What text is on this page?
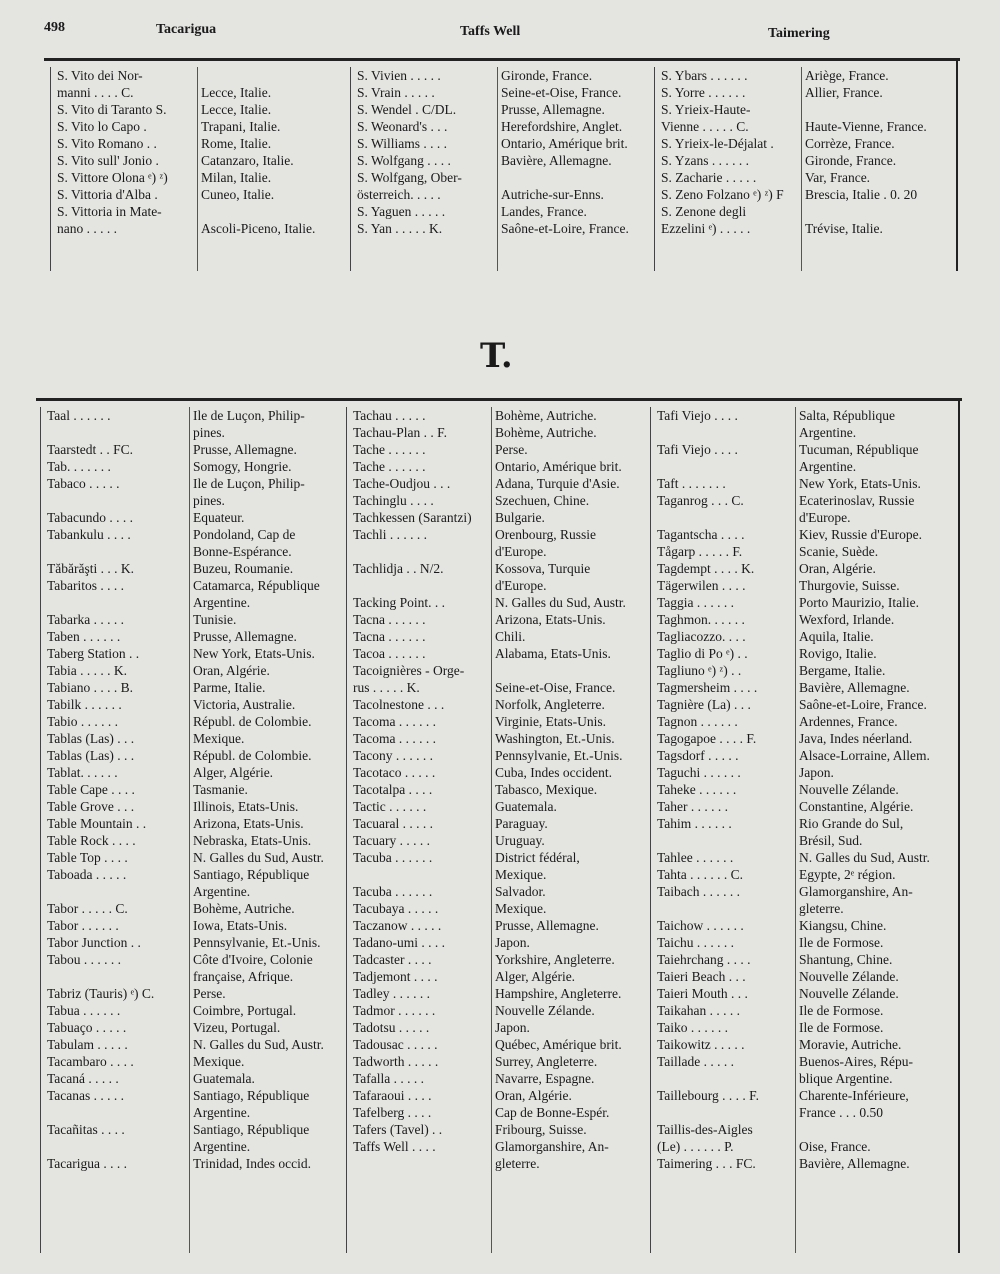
498	Tacarigua	Taffs Well	Taimering
S. Vito dei Nor-
manni . . . . C.	Lecce, Italie.
S. Vito di Taranto S.	Lecce, Italie.
S. Vito lo Capo .	Trapani, Italie.
S. Vito Romano . .	Rome, Italie.
S. Vito sull' Jonio .	Catanzaro, Italie.
S. Vittore Olona ᵉ) ᶻ)	Milan, Italie.
S. Vittoria d'Alba .	Cuneo, Italie.
S. Vittoria in Mate-
nano . . . . .	Ascoli-Piceno, Italie.
S. Vivien . . . . .	Gironde, France.
S. Vrain . . . . .	Seine-et-Oise, France.
S. Wendel . C/DL.	Prusse, Allemagne.
S. Weonard's . . .	Herefordshire, Anglet.
S. Williams . . . .	Ontario, Amérique brit.
S. Wolfgang . . . .	Bavière, Allemagne.
S. Wolfgang, Ober-
österreich. . . . .	Autriche-sur-Enns.
S. Yaguen . . . . .	Landes, France.
S. Yan . . . . . K.	Saône-et-Loire, France.
S. Ybars . . . . . .	Ariège, France.
S. Yorre . . . . . .	Allier, France.
S. Yrieix-Haute-
Vienne . . . . . C.	Haute-Vienne, France.
S. Yrieix-le-Déjalat .	Corrèze, France.
S. Yzans . . . . . .	Gironde, France.
S. Zacharie . . . . .	Var, France.
S. Zeno Folzano ᵉ) ᶻ) F	Brescia, Italie . 0. 20
S. Zenone degli
Ezzelini ᵉ) . . . . .	Trévise, Italie.
T.
Taal . . . . . .	Ile de Luçon, Philip-
pines.
Taarstedt . . FC.	Prusse, Allemagne.
Tab. . . . . . .	Somogy, Hongrie.
Tabaco . . . . .	Ile de Luçon, Philip-
pines.
Tabacundo . . . .	Equateur.
Tabankulu . . . .	Pondoland, Cap de
Bonne-Espérance.
Tăbărăşti . . . K.	Buzeu, Roumanie.
Tabaritos . . . .	Catamarca, République
Argentine.
Tabarka . . . . .	Tunisie.
Taben . . . . . .	Prusse, Allemagne.
Taberg Station . .	New York, Etats-Unis.
Tabia . . . . . K.	Oran, Algérie.
Tabiano . . . . B.	Parme, Italie.
Tabilk . . . . . .	Victoria, Australie.
Tabio . . . . . .	Républ. de Colombie.
Tablas (Las) . . .	Mexique.
Tablas (Las) . . .	Républ. de Colombie.
Tablat. . . . . .	Alger, Algérie.
Table Cape . . . .	Tasmanie.
Table Grove . . .	Illinois, Etats-Unis.
Table Mountain . .	Arizona, Etats-Unis.
Table Rock . . . .	Nebraska, Etats-Unis.
Table Top . . . .	N. Galles du Sud, Austr.
Taboada . . . . .	Santiago, République
Argentine.
Tabor . . . . . C.	Bohème, Autriche.
Tabor . . . . . .	Iowa, Etats-Unis.
Tabor Junction . .	Pennsylvanie, Et.-Unis.
Tabou . . . . . .	Côte d'Ivoire, Colonie
française, Afrique.
Tabriz (Tauris) ᵉ) C.	Perse.
Tabua . . . . . .	Coimbre, Portugal.
Tabuaço . . . . .	Vizeu, Portugal.
Tabulam . . . . .	N. Galles du Sud, Austr.
Tacambaro . . . .	Mexique.
Tacaná . . . . .	Guatemala.
Tacanas . . . . .	Santiago, République
Argentine.
Tacañitas . . . .	Santiago, République
Argentine.
Tacarigua . . . .	Trinidad, Indes occid.
Tachau . . . . .	Bohème, Autriche.
Tachau-Plan . . F.	Bohème, Autriche.
Tache . . . . . .	Perse.
Tache . . . . . .	Ontario, Amérique brit.
Tache-Oudjou . . .	Adana, Turquie d'Asie.
Tachinglu . . . .	Szechuen, Chine.
Tachkessen (Sarantzi)	Bulgarie.
Tachli . . . . . .	Orenbourg, Russie
d'Europe.
Tachlidja . . N/2.	Kossova, Turquie
d'Europe.
Tacking Point. . .	N. Galles du Sud, Austr.
Tacna . . . . . .	Arizona, Etats-Unis.
Tacna . . . . . .	Chili.
Tacoa . . . . . .	Alabama, Etats-Unis.
Tacoignières - Orge-
rus . . . . . K.	Seine-et-Oise, France.
Tacolnestone . . .	Norfolk, Angleterre.
Tacoma . . . . . .	Virginie, Etats-Unis.
Tacoma . . . . . .	Washington, Et.-Unis.
Tacony . . . . . .	Pennsylvanie, Et.-Unis.
Tacotaco . . . . .	Cuba, Indes occident.
Tacotalpa . . . .	Tabasco, Mexique.
Tactic . . . . . .	Guatemala.
Tacuaral . . . . .	Paraguay.
Tacuary . . . . .	Uruguay.
Tacuba . . . . . .	District fédéral,
Mexique.
Tacuba . . . . . .	Salvador.
Tacubaya . . . . .	Mexique.
Taczanow . . . . .	Prusse, Allemagne.
Tadano-umi . . . .	Japon.
Tadcaster . . . .	Yorkshire, Angleterre.
Tadjemont . . . .	Alger, Algérie.
Tadley . . . . . .	Hampshire, Angleterre.
Tadmor . . . . . .	Nouvelle Zélande.
Tadotsu . . . . .	Japon.
Tadousac . . . . .	Québec, Amérique brit.
Tadworth . . . . .	Surrey, Angleterre.
Tafalla . . . . .	Navarre, Espagne.
Tafaraoui . . . .	Oran, Algérie.
Tafelberg . . . .	Cap de Bonne-Espér.
Tafers (Tavel) . .	Fribourg, Suisse.
Taffs Well . . . .	Glamorganshire, An-
gleterre.
Tafi Viejo . . . .	Salta, République
Argentine.
Tafi Viejo . . . .	Tucuman, République
Argentine.
Taft . . . . . . .	New York, Etats-Unis.
Taganrog . . . C.	Ecaterinoslav, Russie
d'Europe.
Tagantscha . . . .	Kiev, Russie d'Europe.
Tågarp . . . . . F.	Scanie, Suède.
Tagdempt . . . . K.	Oran, Algérie.
Tägerwilen . . . .	Thurgovie, Suisse.
Taggia . . . . . .	Porto Maurizio, Italie.
Taghmon. . . . . .	Wexford, Irlande.
Tagliacozzo. . . .	Aquila, Italie.
Taglio di Po ᵉ) . .	Rovigo, Italie.
Tagliuno ᵉ) ᶻ) . .	Bergame, Italie.
Tagmersheim . . . .	Bavière, Allemagne.
Tagnière (La) . . .	Saône-et-Loire, France.
Tagnon . . . . . .	Ardennes, France.
Tagogapoe . . . . F.	Java, Indes néerland.
Tagsdorf . . . . .	Alsace-Lorraine, Allem.
Taguchi . . . . . .	Japon.
Taheke . . . . . .	Nouvelle Zélande.
Taher . . . . . .	Constantine, Algérie.
Tahim . . . . . .	Rio Grande do Sul,
Brésil, Sud.
Tahlee . . . . . .	N. Galles du Sud, Austr.
Tahta . . . . . . C.	Egypte, 2ᵉ région.
Taibach . . . . . .	Glamorganshire, An-
gleterre.
Taichow . . . . . .	Kiangsu, Chine.
Taichu . . . . . .	Ile de Formose.
Taiehrchang . . . .	Shantung, Chine.
Taieri Beach . . .	Nouvelle Zélande.
Taieri Mouth . . .	Nouvelle Zélande.
Taikahan . . . . .	Ile de Formose.
Taiko . . . . . .	Ile de Formose.
Taikowitz . . . . .	Moravie, Autriche.
Taillade . . . . .	Buenos-Aires, Répu-
blique Argentine.
Taillebourg . . . . F.	Charente-Inférieure,
France . . . 0.50
Taillis-des-Aigles
(Le) . . . . . . P.	Oise, France.
Taimering . . . FC.	Bavière, Allemagne.
